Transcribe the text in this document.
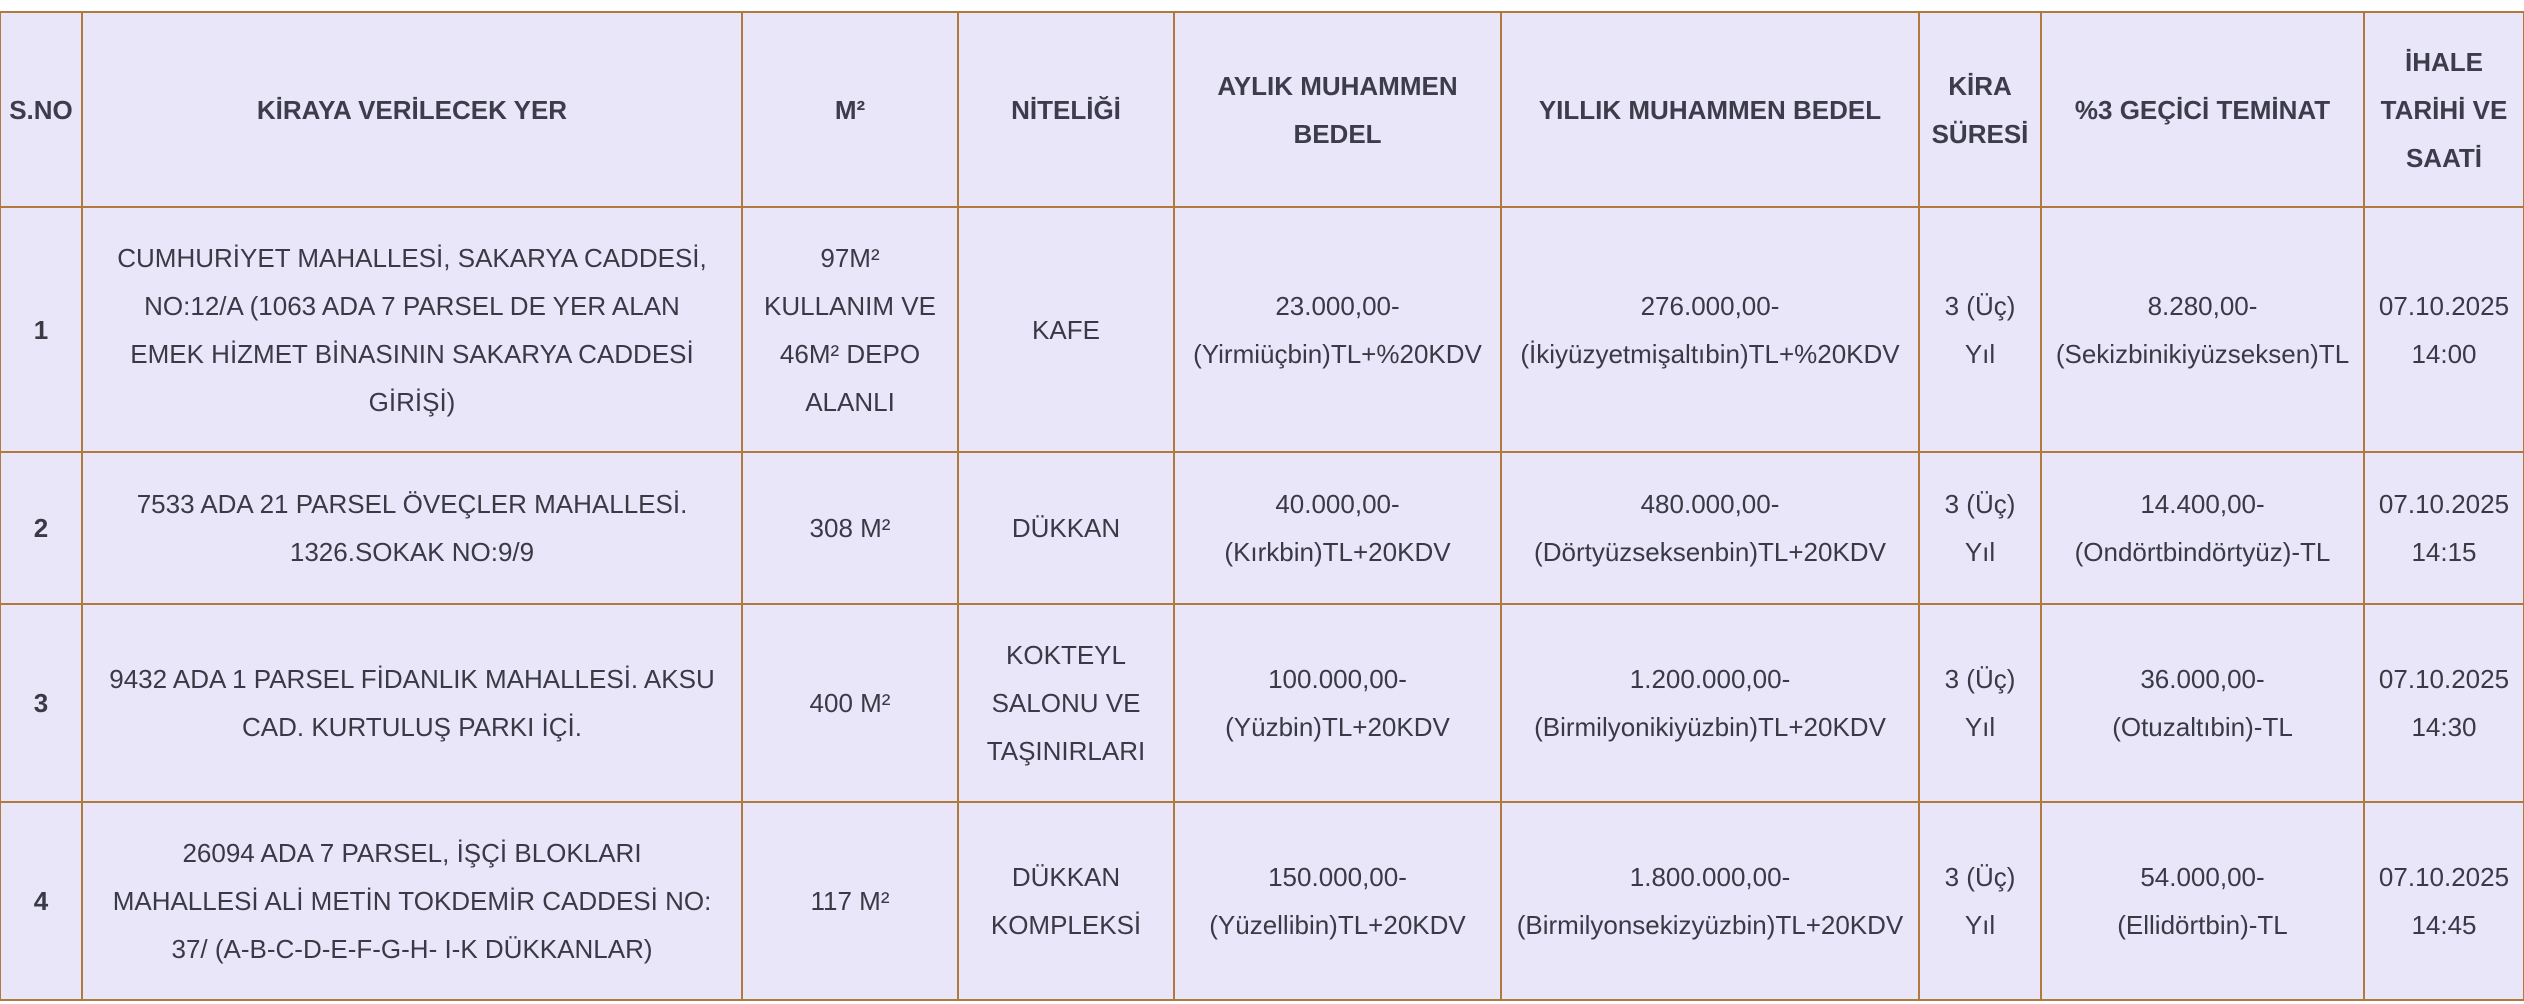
S.NO	KİRAYA VERİLECEK YER	M²	NİTELİĞİ	AYLIK MUHAMMEN
BEDEL	YILLIK MUHAMMEN BEDEL	KİRA
SÜRESİ	%3 GEÇİCİ TEMİNAT	İHALE
TARİHİ VE
SAATİ

1	CUMHURİYET MAHALLESİ, SAKARYA CADDESİ,
NO:12/A (1063 ADA 7 PARSEL DE YER ALAN
EMEK HİZMET BİNASININ SAKARYA CADDESİ
GİRİŞİ)	97M²
KULLANIM VE
46M² DEPO
ALANLI	KAFE	23.000,00-
(Yirmiüçbin)TL+%20KDV	276.000,00-
(İkiyüzyetmişaltıbin)TL+%20KDV	3 (Üç)
Yıl	8.280,00-
(Sekizbinikiyüzseksen)TL	07.10.2025
14:00

2	7533 ADA 21 PARSEL ÖVEÇLER MAHALLESİ.
1326.SOKAK NO:9/9	308 M²	DÜKKAN	40.000,00-
(Kırkbin)TL+20KDV	480.000,00-
(Dörtyüzseksenbin)TL+20KDV	3 (Üç)
Yıl	14.400,00-
(Ondörtbindörtyüz)-TL	07.10.2025
14:15

3	9432 ADA 1 PARSEL FİDANLIK MAHALLESİ. AKSU
CAD. KURTULUŞ PARKI İÇİ.	400 M²	KOKTEYL
SALONU VE
TAŞINIRLARI	100.000,00-
(Yüzbin)TL+20KDV	1.200.000,00-
(Birmilyonikiyüzbin)TL+20KDV	3 (Üç)
Yıl	36.000,00-
(Otuzaltıbin)-TL	07.10.2025
14:30

4	26094 ADA 7 PARSEL, İŞÇİ BLOKLARI
MAHALLESİ ALİ METİN TOKDEMİR CADDESİ NO:
37/ (A-B-C-D-E-F-G-H- I-K DÜKKANLAR)	117 M²	DÜKKAN
KOMPLEKSİ	150.000,00-
(Yüzellibin)TL+20KDV	1.800.000,00-
(Birmilyonsekizyüzbin)TL+20KDV	3 (Üç)
Yıl	54.000,00-
(Ellidörtbin)-TL	07.10.2025
14:45
